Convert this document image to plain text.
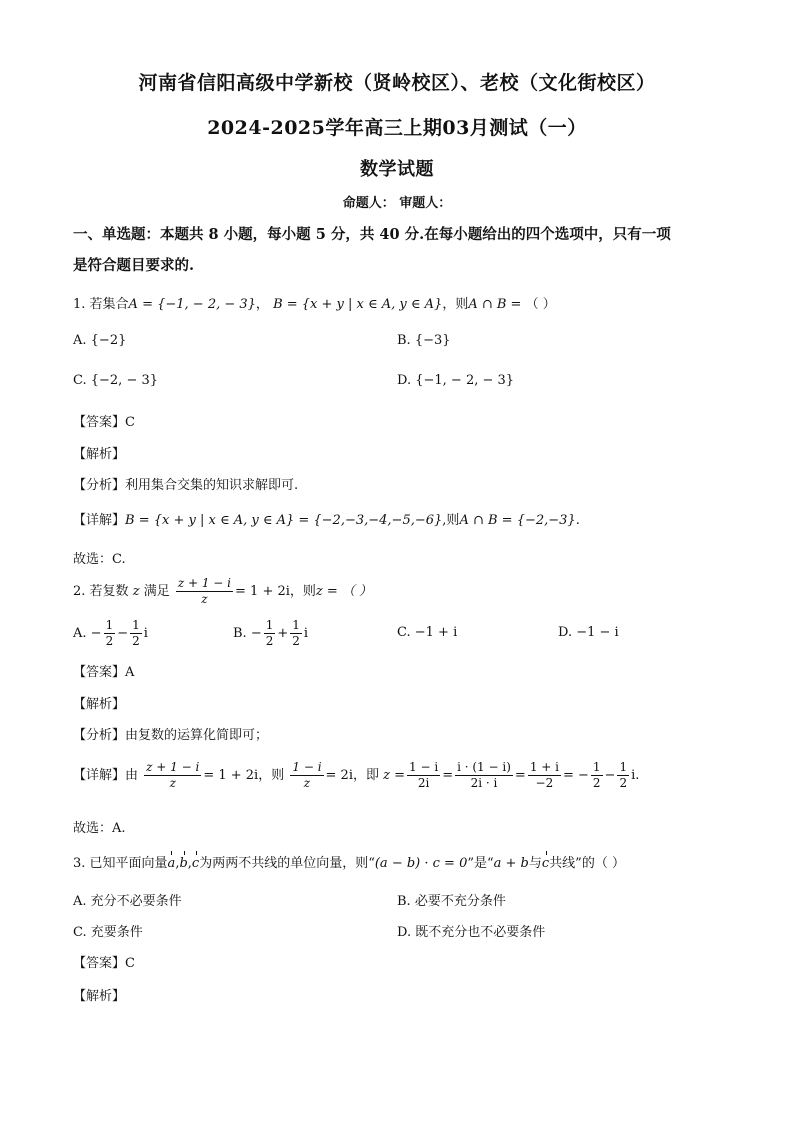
河南省信阳高级中学新校（贤岭校区）、老校（文化街校区）
2024-2025学年高三上期03月测试（一）
数学试题
命题人： 审题人：
一、单选题：本题共 8 小题，每小题 5 分，共 40 分.在每小题给出的四个选项中，只有一项
是符合题目要求的.
1. 若集合A = {−1, − 2, − 3}， B = {x + y | x ∈ A, y ∈ A}，则A ∩ B = （ ）
A. {−2}	B. {−3}
C. {−2, − 3}	D. {−1, − 2, − 3}
【答案】C
【解析】
【分析】利用集合交集的知识求解即可.
【详解】B = {x + y | x ∈ A, y ∈ A} = {−2,−3,−4,−5,−6},则A ∩ B = {−2,−3}.
故选：C.
2. 若复数 z 满足 $\frac{z + 1 - i}{z} = 1 + 2i$，则z = （ ）
A. − $\frac{1}{2} - \frac{1}{2}$ i	B. − $\frac{1}{2} + \frac{1}{2}$ i	C. −1 + i	D. −1 − i
【答案】A
【解析】
【分析】由复数的运算化简即可；
【详解】由 $\frac{z + 1 - i}{z} = 1 + 2i$，则 $\frac{1 - i}{z} = 2i$，即 $z = \frac{1 - i}{2i} = \frac{i \cdot (1 - i)}{2i \cdot i} = \frac{1 + i}{-2}$ = − $\frac{1}{2} - \frac{1}{2} i$.
故选：A.
3. 已知平面向量a,b,c为两两不共线的单位向量，则“(a − b) · c = 0”是“a + b与c共线”的（ ）
A. 充分不必要条件	B. 必要不充分条件
C. 充要条件	D. 既不充分也不必要条件
【答案】C
【解析】
